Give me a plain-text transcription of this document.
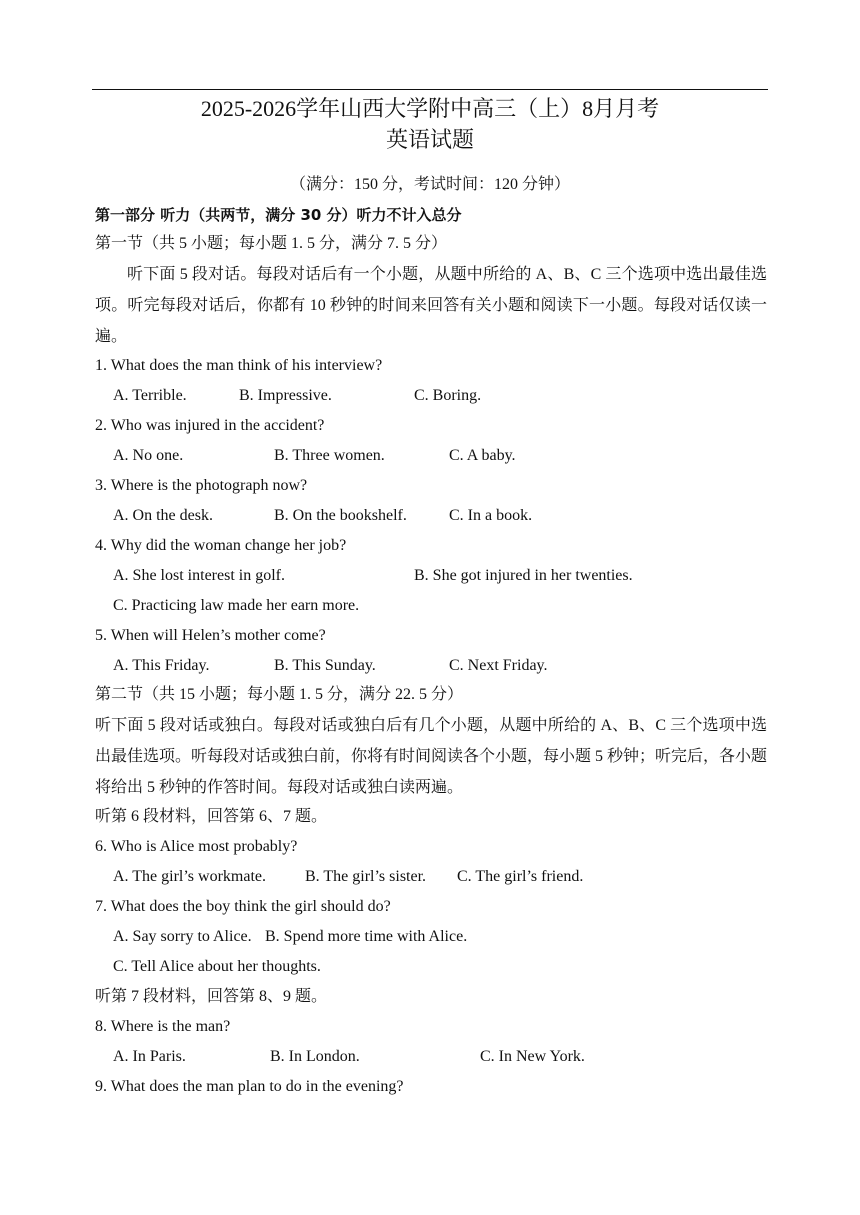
2025-2026学年山西大学附中高三（上）8月月考
英语试题
（满分：150 分，考试时间：120 分钟）
第一部分 听力（共两节，满分 30 分）听力不计入总分
第一节（共 5 小题；每小题 1. 5 分，满分 7. 5 分）
听下面 5 段对话。每段对话后有一个小题，从题中所给的 A、B、C 三个选项中选出最佳选项。听完每段对话后，你都有 10 秒钟的时间来回答有关小题和阅读下一小题。每段对话仅读一遍。
1. What does the man think of his interview?
A. Terrible.	B. Impressive.	C. Boring.
2. Who was injured in the accident?
A. No one.	B. Three women.	C. A baby.
3. Where is the photograph now?
A. On the desk.	B. On the bookshelf.	C. In a book.
4. Why did the woman change her job?
A. She lost interest in golf.	B. She got injured in her twenties.
C. Practicing law made her earn more.
5. When will Helen’s mother come?
A. This Friday.	B. This Sunday.	C. Next Friday.
第二节（共 15 小题；每小题 1. 5 分，满分 22. 5 分）
听下面 5 段对话或独白。每段对话或独白后有几个小题，从题中所给的 A、B、C 三个选项中选出最佳选项。听每段对话或独白前，你将有时间阅读各个小题，每小题 5 秒钟；听完后，各小题将给出 5 秒钟的作答时间。每段对话或独白读两遍。
听第 6 段材料，回答第 6、7 题。
6. Who is Alice most probably?
A. The girl’s workmate. B. The girl’s sister. C. The girl’s friend.
7. What does the boy think the girl should do?
A. Say sorry to Alice. B. Spend more time with Alice.
C. Tell Alice about her thoughts.
听第 7 段材料，回答第 8、9 题。
8. Where is the man?
A. In Paris.	B. In London.	C. In New York.
9. What does the man plan to do in the evening?
